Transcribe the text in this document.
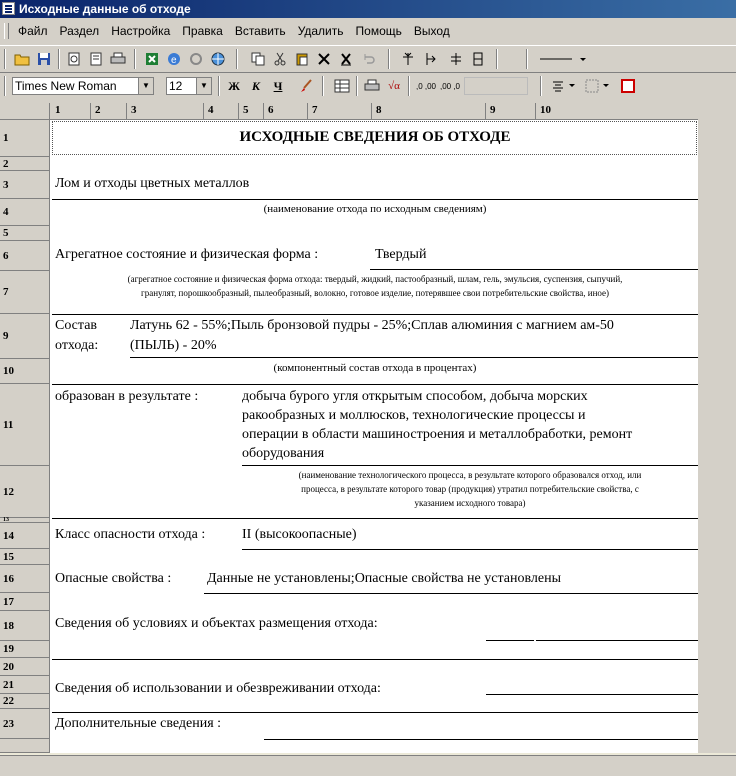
Исходные данные об отходе
Файл	Раздел	Настройка	Правка	Вставить	Удалить	Помощь	Выход
e
Times New Roman	▼ 12	▼	Ж К	Ч	√α	,0 ,00 ,00 ,0
1	2	3	4	5 6	7	8	9	10
1
2
3
4
5
6
7
9
10
11
12
13
14
15
16
17
18
19
20
21
22
23
ИСХОДНЫЕ СВЕДЕНИЯ ОБ ОТХОДЕ
Лом и отходы цветных металлов
(наименование отхода по исходным сведениям)
Агрегатное состояние и физическая форма :	Твердый
(агрегатное состояние и физическая форма отхода: твердый, жидкий, пастообразный, шлам, гель, эмульсия, суспензия, сыпучий,
гранулят, порошкообразный, пылеобразный, волокно, готовое изделие, потерявшее свои потребительские свойства, иное)
Состав
отхода:
Латунь 62 - 55%;Пыль бронзовой пудры - 25%;Сплав алюминия с магнием ам-50
(ПЫЛЬ) - 20%
(компонентный состав отхода в процентах)
образован в результате :	добыча бурого угля открытым способом, добыча морских
ракообразных и моллюсков, технологические процессы и
операции в области машиностроения и металлобработки, ремонт
оборудования
(наименование технологического процесса, в результате которого образовался отход, или
процесса, в результате которого товар (продукция) утратил потребительские свойства, с
указанием исходного товара)
Класс опасности отхода :	II (высокоопасные)
Опасные свойства :	Данные не установлены;Опасные свойства не установлены
Сведения об условиях и объектах размещения отхода:
Сведения об использовании и обезвреживании отхода:
Дополнительные сведения :
